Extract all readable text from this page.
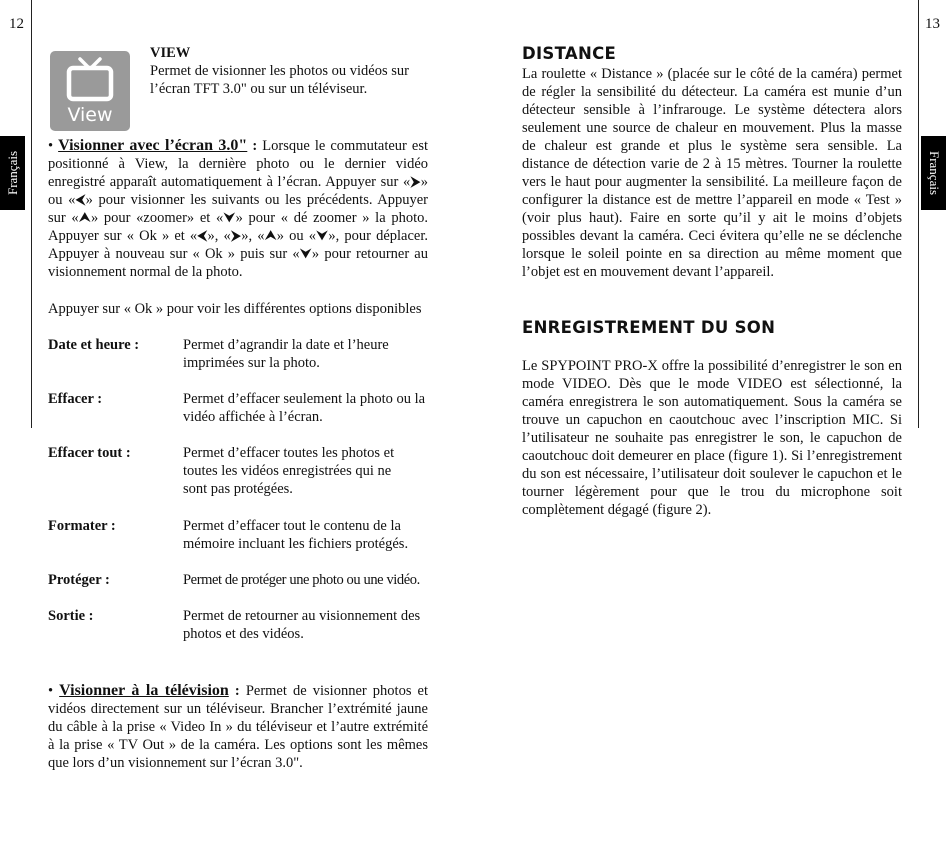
12	13
Français	Français
View
VIEW
Permet de visionner les photos ou vidéos sur l’écran TFT 3.0" ou sur un téléviseur.
• Visionner avec l’écran 3.0" : Lorsque le commutateur est positionné à View, la dernière photo ou le dernier vidéo enregistré apparaît automatiquement à l’écran. Appuyer sur «⮞» ou «⮜» pour visionner les suivants ou les précédents. Appuyer sur «⮝» pour «zoomer» et «⮟» pour « dé zoomer » la photo. Appuyer sur « Ok » et «⮜», «⮞», «⮝» ou «⮟», pour déplacer. Appuyer à nouveau sur « Ok » puis sur «⮟» pour retourner au visionnement normal de la photo.
Appuyer sur « Ok » pour voir les différentes options disponibles
Date et heure :	Permet d’agrandir la date et l’heure imprimées sur la photo.
Effacer :	Permet d’effacer seulement la photo ou la vidéo affichée à l’écran.
Effacer tout :	Permet d’effacer toutes les photos et toutes les vidéos enregistrées qui ne sont pas protégées.
Formater :	Permet d’effacer tout le contenu de la mémoire incluant les fichiers protégés.
Protéger :	Permet de protéger une photo ou une vidéo.
Sortie :	Permet de retourner au visionnement des photos et des vidéos.
• Visionner à la télévision : Permet de visionner photos et vidéos directement sur un téléviseur. Brancher l’extrémité jaune du câble à la prise « Video In » du téléviseur et l’autre extrémité à la prise « TV Out » de la caméra. Les options sont les mêmes que lors d’un visionnement sur l’écran 3.0".
DISTANCE
La roulette « Distance » (placée sur le côté de la caméra) permet de régler la sensibilité du détecteur. La caméra est munie d’un détecteur sensible à l’infrarouge. Le système détectera alors seulement une source de chaleur en mouvement. Plus la masse de chaleur est grande et plus le système sera sensible. La distance de détection varie de 2 à 15 mètres. Tourner la roulette vers le haut pour augmenter la sensibilité. La meilleure façon de configurer la distance est de mettre l’appareil en mode « Test » (voir plus haut). Faire en sorte qu’il y ait le moins d’objets possibles devant la caméra. Ceci évitera qu’elle ne se déclenche lorsque le soleil pointe en sa direction au même moment que l’objet est en mouvement devant l’appareil.
ENREGISTREMENT DU SON
Le SPYPOINT PRO-X offre la possibilité d’enregistrer le son en mode VIDEO. Dès que le mode VIDEO est sélectionné, la caméra enregistrera le son automatiquement. Sous la caméra se trouve un capuchon en caoutchouc avec l’inscription MIC. Si l’utilisateur ne souhaite pas enregistrer le son, le capuchon de caoutchouc doit demeurer en place (figure 1). Si l’enregistrement du son est nécessaire, l’utilisateur doit soulever le capuchon et le tourner légèrement pour que le trou du microphone soit complètement dégagé (figure 2).
